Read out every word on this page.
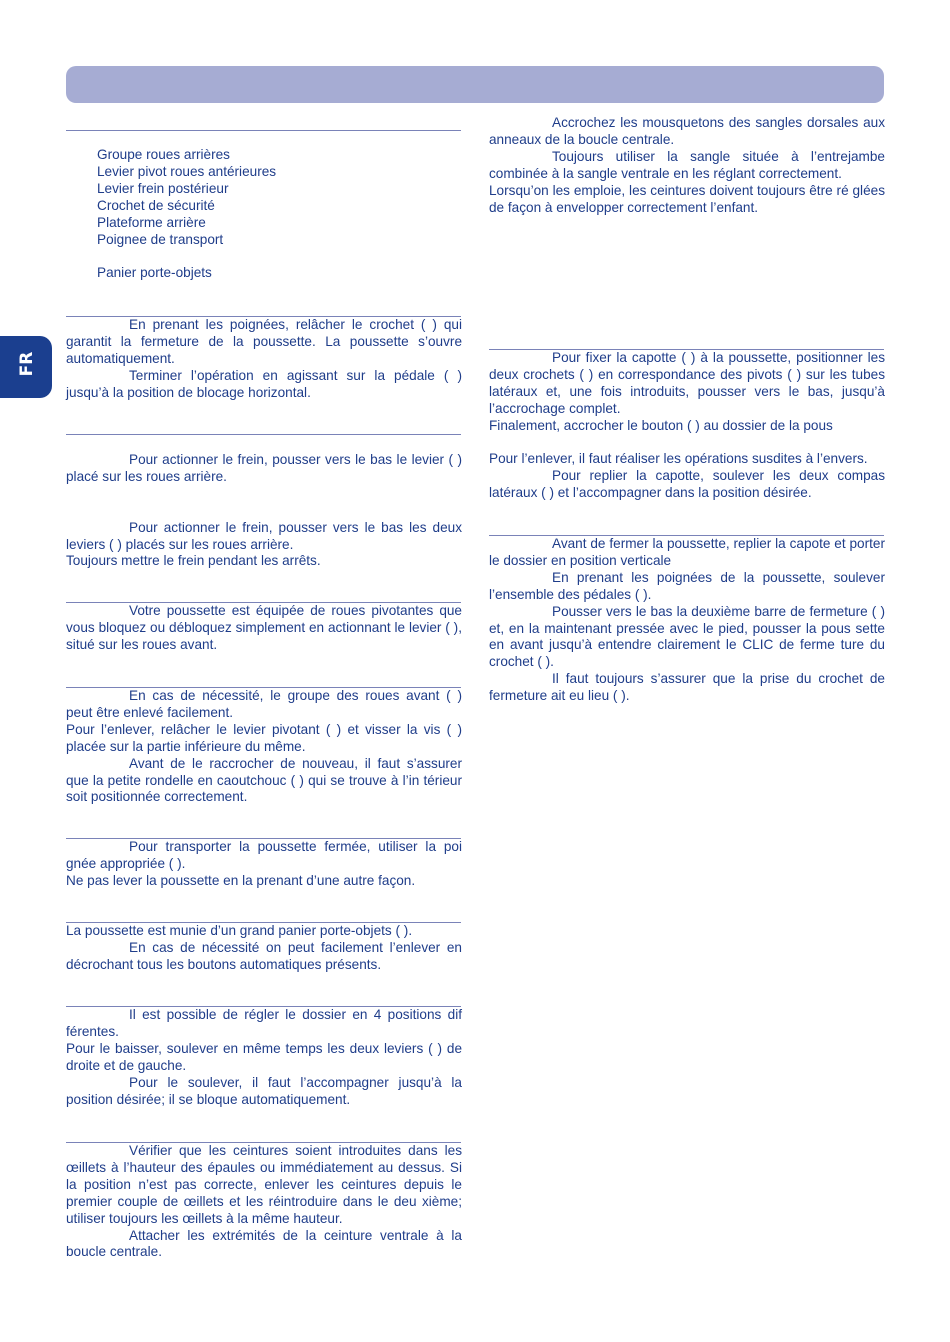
FR
Groupe roues arrières
Levier pivot roues antérieures
Levier frein postérieur
Crochet de sécurité
Plateforme arrière
Poignee de transport
Panier porte-objets

En prenant les poignées, relâcher le crochet ( ) qui garantit la fermeture de la poussette. La poussette s’ouvre automatiquement.

Terminer l’opération en agissant sur la pédale ( ) jusqu’à la position de blocage horizontal.

Pour actionner le frein, pousser vers le bas le levier ( ) placé sur les roues arrière.

Pour actionner le frein, pousser vers le bas les deux leviers ( ) placés sur les roues arrière.

Toujours mettre le frein pendant les arrêts.

Votre poussette est équipée de roues pivotantes que vous bloquez ou débloquez simplement en actionnant le levier ( ), situé sur les roues avant.

En cas de nécessité, le groupe des roues avant ( ) peut être enlevé facilement.

Pour l’enlever, relâcher le levier pivotant ( ) et visser la vis ( ) placée sur la partie inférieure du même.

Avant de le raccrocher de nouveau, il faut s’assurer que la petite rondelle en caoutchouc ( ) qui se trouve à l’in térieur soit positionnée correctement.

Pour transporter la poussette fermée, utiliser la poi gnée appropriée ( ).

Ne pas lever la poussette en la prenant d’une autre façon.

La poussette est munie d’un grand panier porte-objets ( ).

En cas de nécessité on peut facilement l’enlever en décrochant tous les boutons automatiques présents.

Il est possible de régler le dossier en 4 positions dif férentes.

Pour le baisser, soulever en même temps les deux leviers ( ) de droite et de gauche.

Pour le soulever, il faut l’accompagner jusqu’à la position désirée; il se bloque automatiquement.

Vérifier que les ceintures soient introduites dans les œillets à l’hauteur des épaules ou immédiatement au dessus. Si la position n’est pas correcte, enlever les ceintures depuis le premier couple de œillets et les réintroduire dans le deu xième; utiliser toujours les œillets à la même hauteur.

Attacher les extrémités de la ceinture ventrale à la boucle centrale.

Accrochez les mousquetons des sangles dorsales aux anneaux de la boucle centrale.

Toujours utiliser la sangle située à l’entrejambe combinée à la sangle ventrale en les réglant correctement.

Lorsqu’on les emploie, les ceintures doivent toujours être ré glées de façon à envelopper correctement l’enfant.

Pour fixer la capotte ( ) à la poussette, positionner les deux crochets ( ) en correspondance des pivots ( ) sur les tubes latéraux et, une fois introduits, pousser vers le bas, jusqu’à l’accrochage complet.

Finalement, accrocher le bouton ( ) au dossier de la pous

Pour l’enlever, il faut réaliser les opérations susdites à l’envers.

Pour replier la capotte, soulever les deux compas latéraux ( ) et l’accompagner dans la position désirée.

Avant de fermer la poussette, replier la capote et porter le dossier en position verticale

En prenant les poignées de la poussette, soulever l’ensemble des pédales ( ).

Pousser vers le bas la deuxième barre de fermeture ( ) et, en la maintenant pressée avec le pied, pousser la pous sette en avant jusqu’à entendre clairement le CLIC de ferme ture du crochet ( ).

Il faut toujours s’assurer que la prise du crochet de fermeture ait eu lieu ( ).
